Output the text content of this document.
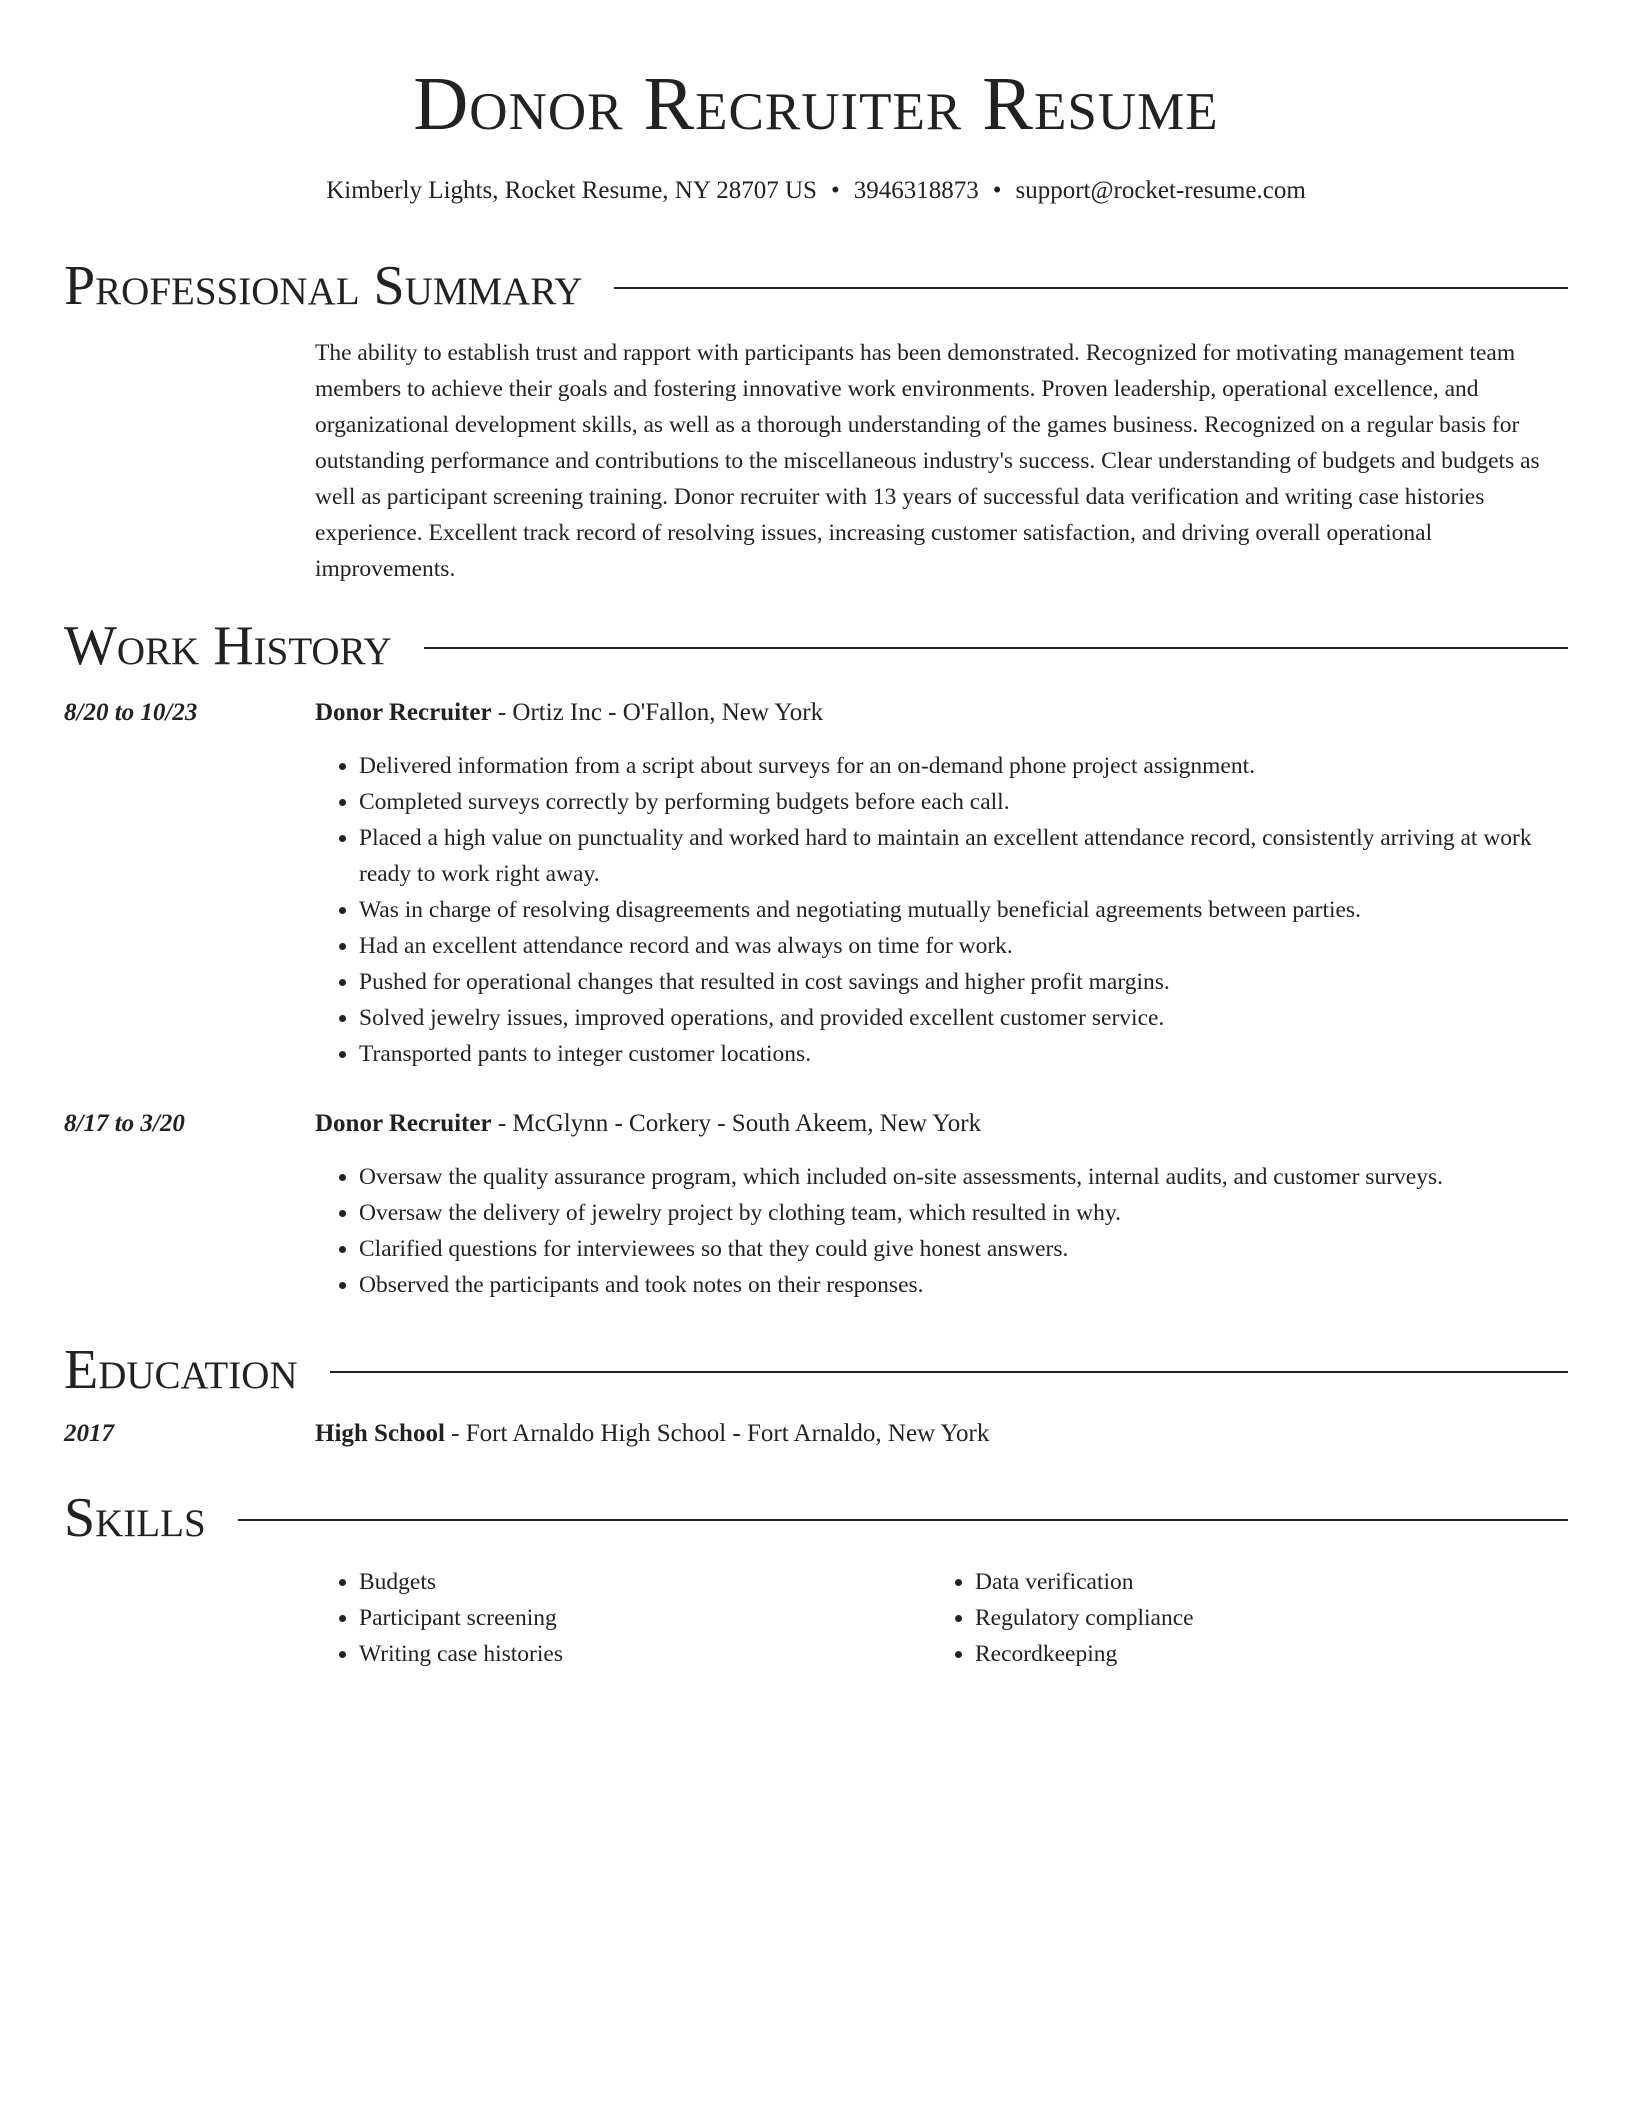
Donor Recruiter Resume
Kimberly Lights, Rocket Resume, NY 28707 US • 3946318873 • support@rocket-resume.com
Professional Summary

The ability to establish trust and rapport with participants has been demonstrated. Recognized for motivating management team members to achieve their goals and fostering innovative work environments. Proven leadership, operational excellence, and organizational development skills, as well as a thorough understanding of the games business. Recognized on a regular basis for outstanding performance and contributions to the miscellaneous industry's success. Clear understanding of budgets and budgets as well as participant screening training. Donor recruiter with 13 years of successful data verification and writing case histories experience. Excellent track record of resolving issues, increasing customer satisfaction, and driving overall operational improvements.

Work History
8/20 to 10/23	Donor Recruiter - Ortiz Inc - O'Fallon, New York
• Delivered information from a script about surveys for an on-demand phone project assignment.
• Completed surveys correctly by performing budgets before each call.
• Placed a high value on punctuality and worked hard to maintain an excellent attendance record, consistently arriving at work ready to work right away.
• Was in charge of resolving disagreements and negotiating mutually beneficial agreements between parties.
• Had an excellent attendance record and was always on time for work.
• Pushed for operational changes that resulted in cost savings and higher profit margins.
• Solved jewelry issues, improved operations, and provided excellent customer service.
• Transported pants to integer customer locations.
8/17 to 3/20	Donor Recruiter - McGlynn - Corkery - South Akeem, New York
• Oversaw the quality assurance program, which included on-site assessments, internal audits, and customer surveys.
• Oversaw the delivery of jewelry project by clothing team, which resulted in why.
• Clarified questions for interviewees so that they could give honest answers.
• Observed the participants and took notes on their responses.
Education
2017	High School - Fort Arnaldo High School - Fort Arnaldo, New York
Skills
• Budgets
• Participant screening
• Writing case histories
• Data verification
• Regulatory compliance
• Recordkeeping
